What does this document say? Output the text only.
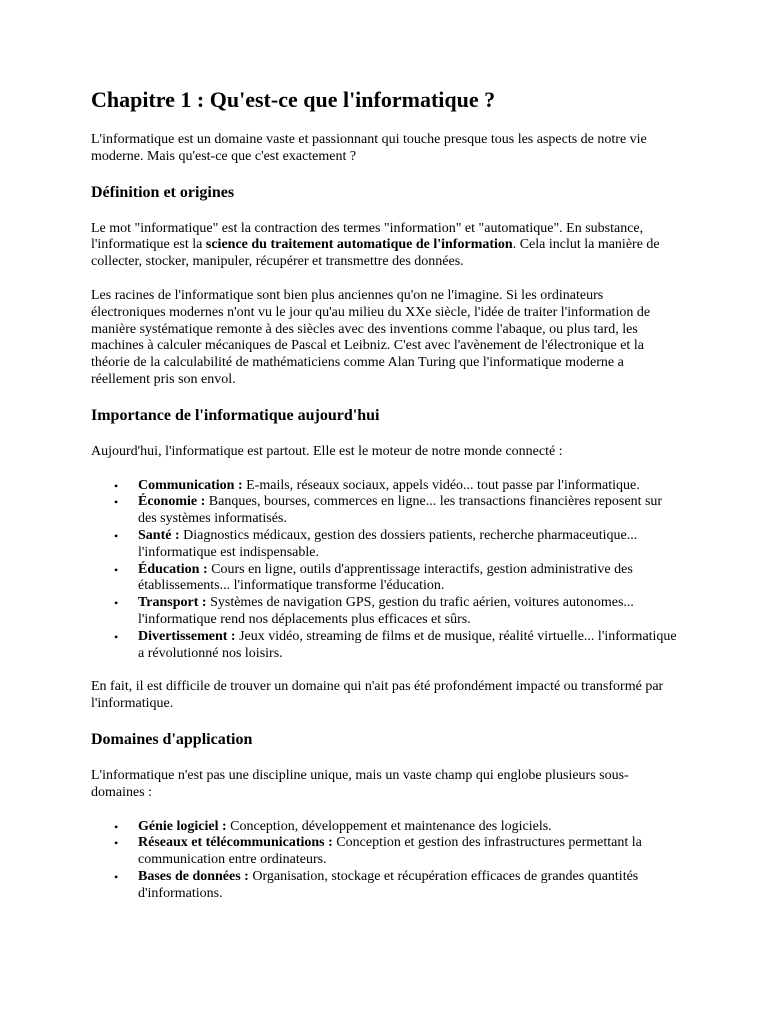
Chapitre 1 : Qu'est-ce que l'informatique ?

L'informatique est un domaine vaste et passionnant qui touche presque tous les aspects de notre vie moderne. Mais qu'est-ce que c'est exactement ?

Définition et origines

Le mot "informatique" est la contraction des termes "information" et "automatique". En substance, l'informatique est la science du traitement automatique de l'information. Cela inclut la manière de collecter, stocker, manipuler, récupérer et transmettre des données.

Les racines de l'informatique sont bien plus anciennes qu'on ne l'imagine. Si les ordinateurs électroniques modernes n'ont vu le jour qu'au milieu du XXe siècle, l'idée de traiter l'information de manière systématique remonte à des siècles avec des inventions comme l'abaque, ou plus tard, les machines à calculer mécaniques de Pascal et Leibniz. C'est avec l'avènement de l'électronique et la théorie de la calculabilité de mathématiciens comme Alan Turing que l'informatique moderne a réellement pris son envol.

Importance de l'informatique aujourd'hui

Aujourd'hui, l'informatique est partout. Elle est le moteur de notre monde connecté :

• Communication : E-mails, réseaux sociaux, appels vidéo... tout passe par l'informatique.
• Économie : Banques, bourses, commerces en ligne... les transactions financières reposent sur des systèmes informatisés.
• Santé : Diagnostics médicaux, gestion des dossiers patients, recherche pharmaceutique... l'informatique est indispensable.
• Éducation : Cours en ligne, outils d'apprentissage interactifs, gestion administrative des établissements... l'informatique transforme l'éducation.
• Transport : Systèmes de navigation GPS, gestion du trafic aérien, voitures autonomes... l'informatique rend nos déplacements plus efficaces et sûrs.
• Divertissement : Jeux vidéo, streaming de films et de musique, réalité virtuelle... l'informatique a révolutionné nos loisirs.

En fait, il est difficile de trouver un domaine qui n'ait pas été profondément impacté ou transformé par l'informatique.

Domaines d'application

L'informatique n'est pas une discipline unique, mais un vaste champ qui englobe plusieurs sous-domaines :

• Génie logiciel : Conception, développement et maintenance des logiciels.
• Réseaux et télécommunications : Conception et gestion des infrastructures permettant la communication entre ordinateurs.
• Bases de données : Organisation, stockage et récupération efficaces de grandes quantités d'informations.
